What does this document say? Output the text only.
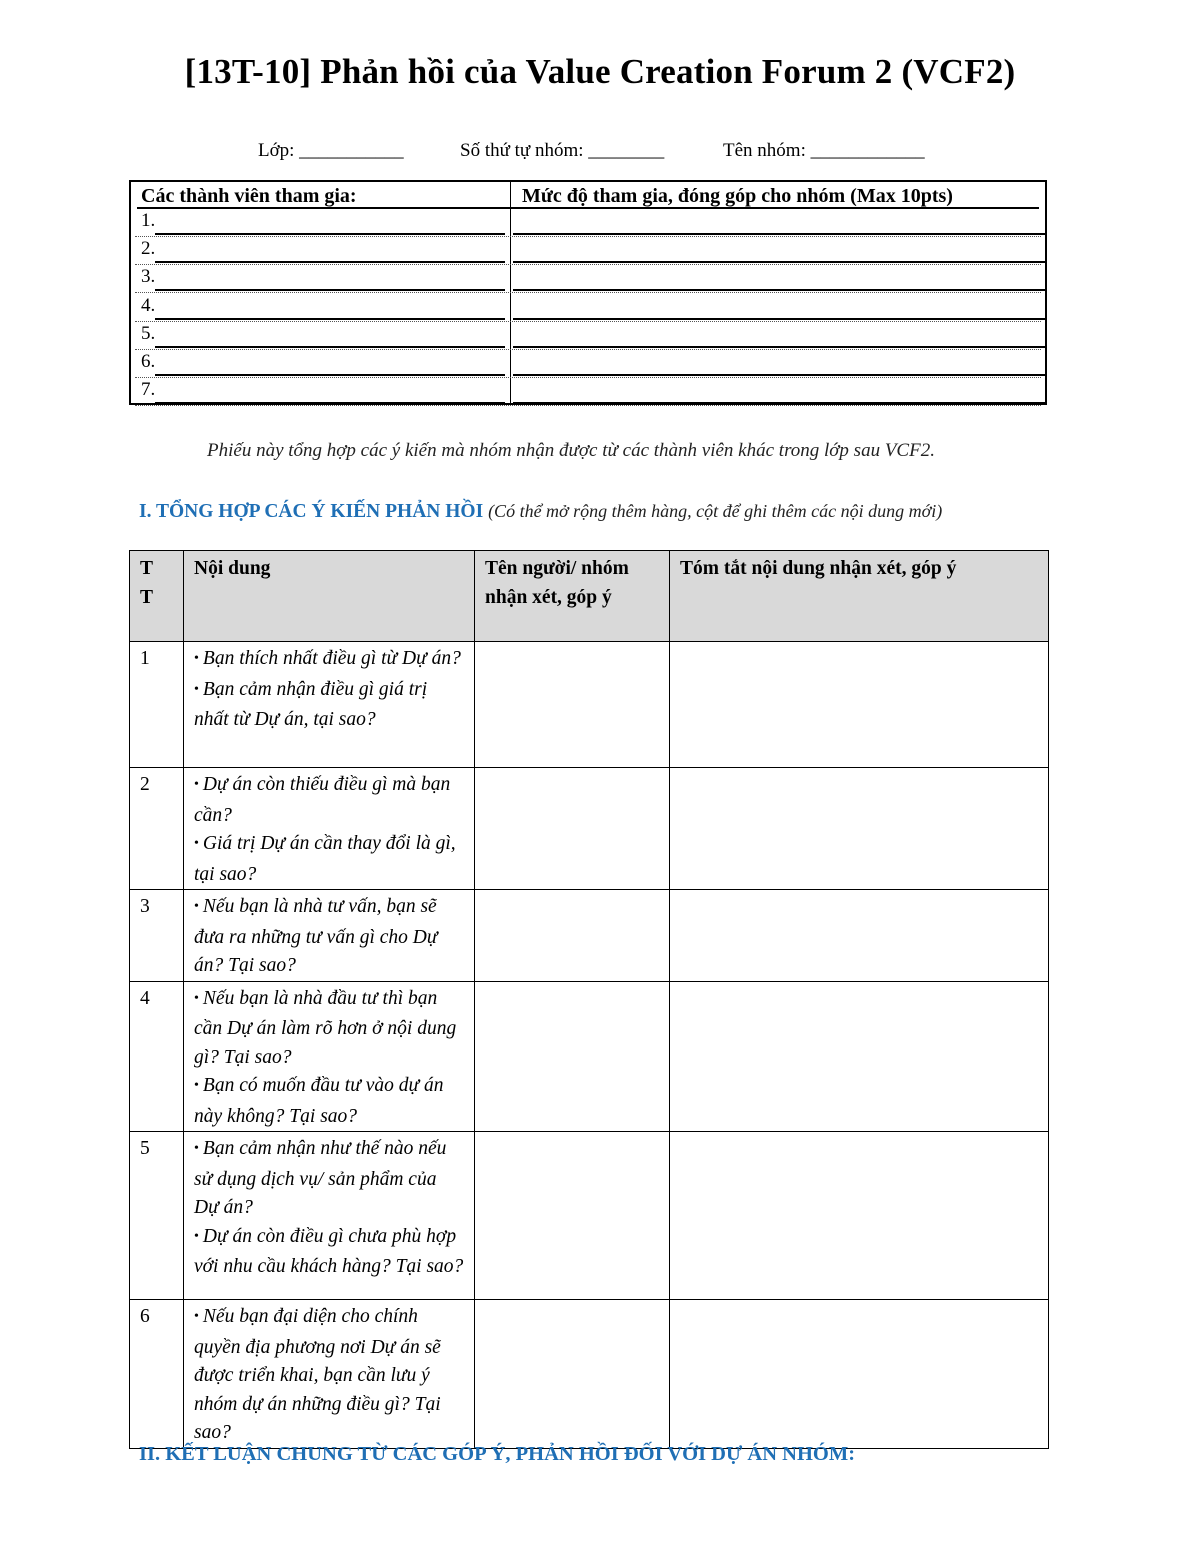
[13T-10] Phản hồi của Value Creation Forum 2 (VCF2)
Lớp: ___________	Số thứ tự nhóm: ________	Tên nhóm: ____________
Các thành viên tham gia:	Mức độ tham gia, đóng góp cho nhóm (Max 10pts)
1.
2.
3.
4.
5.
6.
7.
Phiếu này tổng hợp các ý kiến mà nhóm nhận được từ các thành viên khác trong lớp sau VCF2.
I. TỔNG HỢP CÁC Ý KIẾN PHẢN HỒI (Có thể mở rộng thêm hàng, cột để ghi thêm các nội dung mới)
T T	Nội dung	Tên người/ nhóm nhận xét, góp ý	Tóm tắt nội dung nhận xét, góp ý
1	• Bạn thích nhất điều gì từ Dự án?
• Bạn cảm nhận điều gì giá trị nhất từ Dự án, tại sao?		

2	• Dự án còn thiếu điều gì mà bạn cần?
• Giá trị Dự án cần thay đổi là gì, tại sao?		

3	• Nếu bạn là nhà tư vấn, bạn sẽ đưa ra những tư vấn gì cho Dự án? Tại sao?		

4	• Nếu bạn là nhà đầu tư thì bạn cần Dự án làm rõ hơn ở nội dung gì? Tại sao?
• Bạn có muốn đầu tư vào dự án này không? Tại sao?		

5	• Bạn cảm nhận như thế nào nếu sử dụng dịch vụ/ sản phẩm của Dự án?
• Dự án còn điều gì chưa phù hợp với nhu cầu khách hàng? Tại sao?		

6	• Nếu bạn đại diện cho chính quyền địa phương nơi Dự án sẽ được triển khai, bạn cần lưu ý nhóm dự án những điều gì? Tại sao?		

II. KẾT LUẬN CHUNG TỪ CÁC GÓP Ý, PHẢN HỒI ĐỐI VỚI DỰ ÁN NHÓM:
